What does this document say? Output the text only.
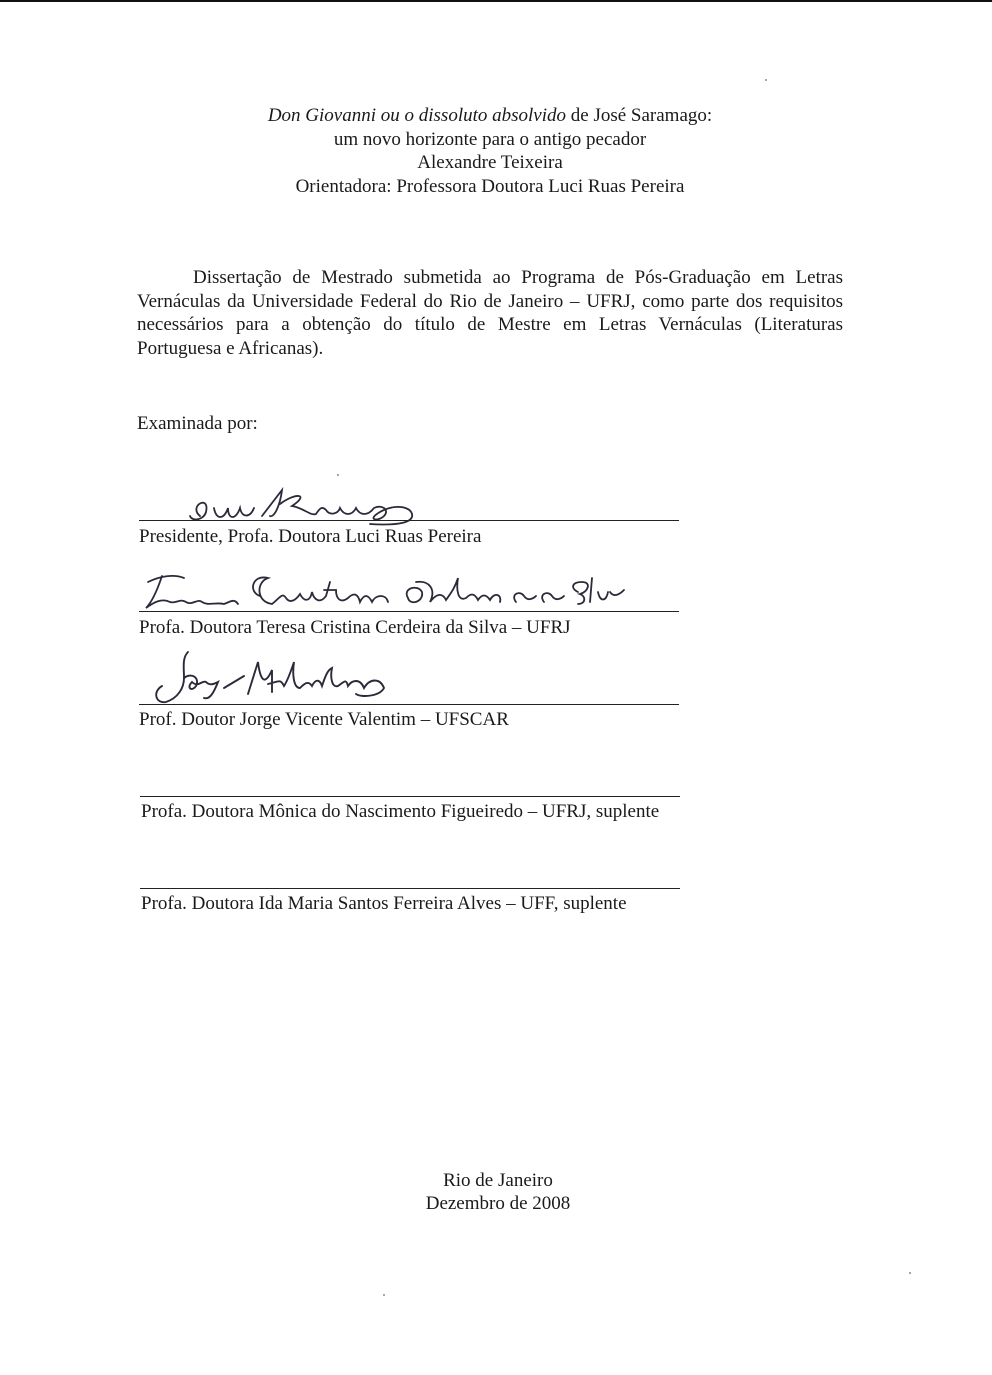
Don Giovanni ou o dissoluto absolvido de José Saramago:
um novo horizonte para o antigo pecador
Alexandre Teixeira
Orientadora: Professora Doutora Luci Ruas Pereira
Dissertação de Mestrado submetida ao Programa de Pós-Graduação em Letras Vernáculas da Universidade Federal do Rio de Janeiro – UFRJ, como parte dos requisitos necessários para a obtenção do título de Mestre em Letras Vernáculas (Literaturas Portuguesa e Africanas).
Examinada por:
Presidente, Profa. Doutora Luci Ruas Pereira
Profa. Doutora Teresa Cristina Cerdeira da Silva – UFRJ
Prof. Doutor Jorge Vicente Valentim – UFSCAR
Profa. Doutora Mônica do Nascimento Figueiredo – UFRJ, suplente
Profa. Doutora Ida Maria Santos Ferreira Alves – UFF, suplente
Rio de Janeiro
Dezembro de 2008
